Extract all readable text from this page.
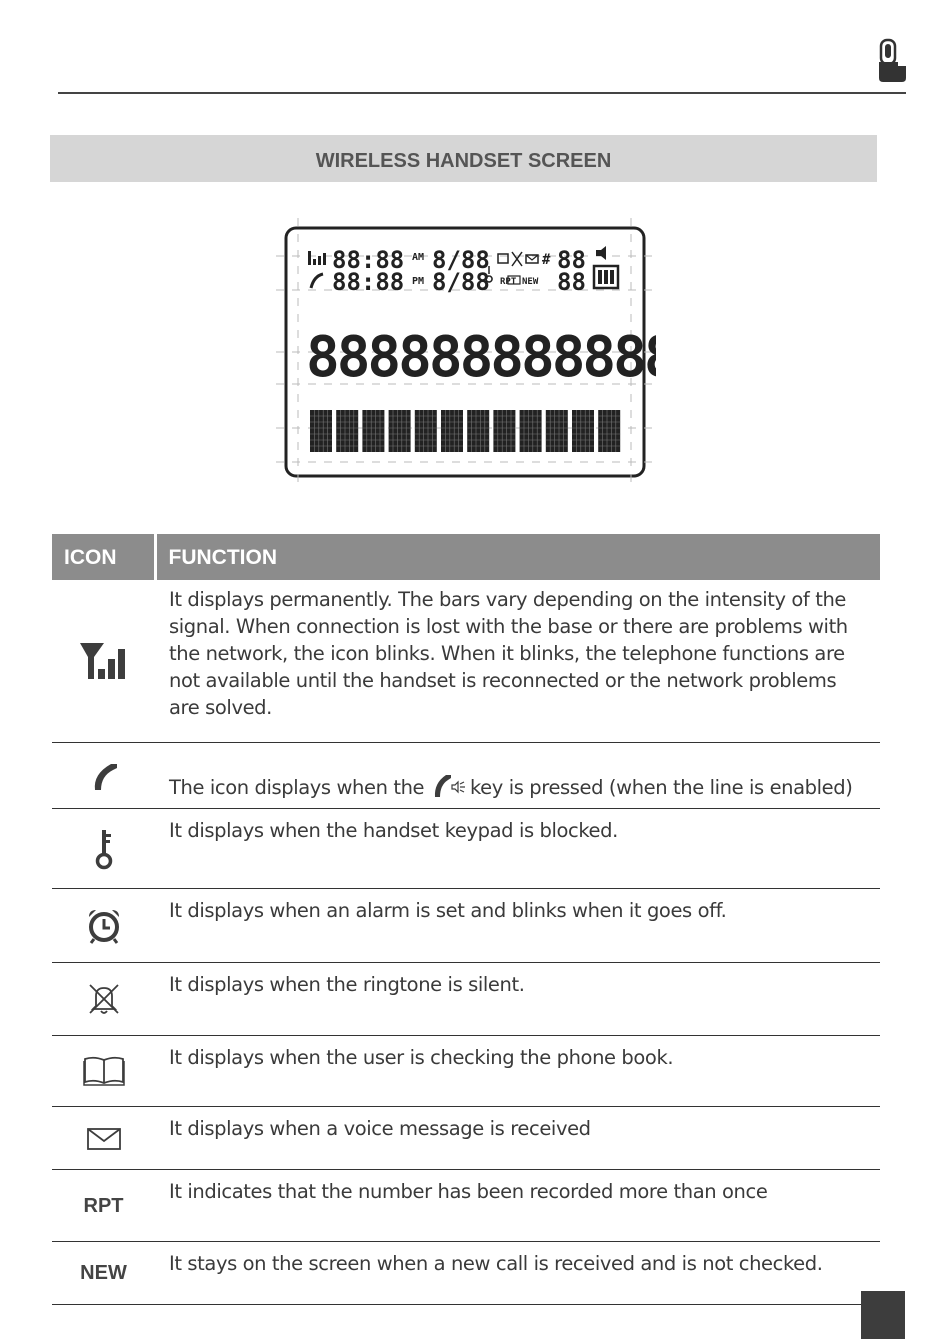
WIRELESS HANDSET SCREEN
88:88
88:88
AM
PM
8/88
8/88 RPT NEW
# 88
88
888888888888
ICON	FUNCTION
	It displays permanently. The bars vary depending on the intensity of the signal. When connection is lost with the base or there are problems with the network, the icon blinks. When it blinks, the telephone functions are not available until the handset is reconnected or the network problems are solved.
	The icon displays when the key is pressed (when the line is enabled)
	It displays when the handset keypad is blocked.
	It displays when an alarm is set and blinks when it goes off.
	It displays when the ringtone is silent.
	It displays when the user is checking the phone book.
	It displays when a voice message is received
RPT	It indicates that the number has been recorded more than once
NEW	It stays on the screen when a new call is received and is not checked.
